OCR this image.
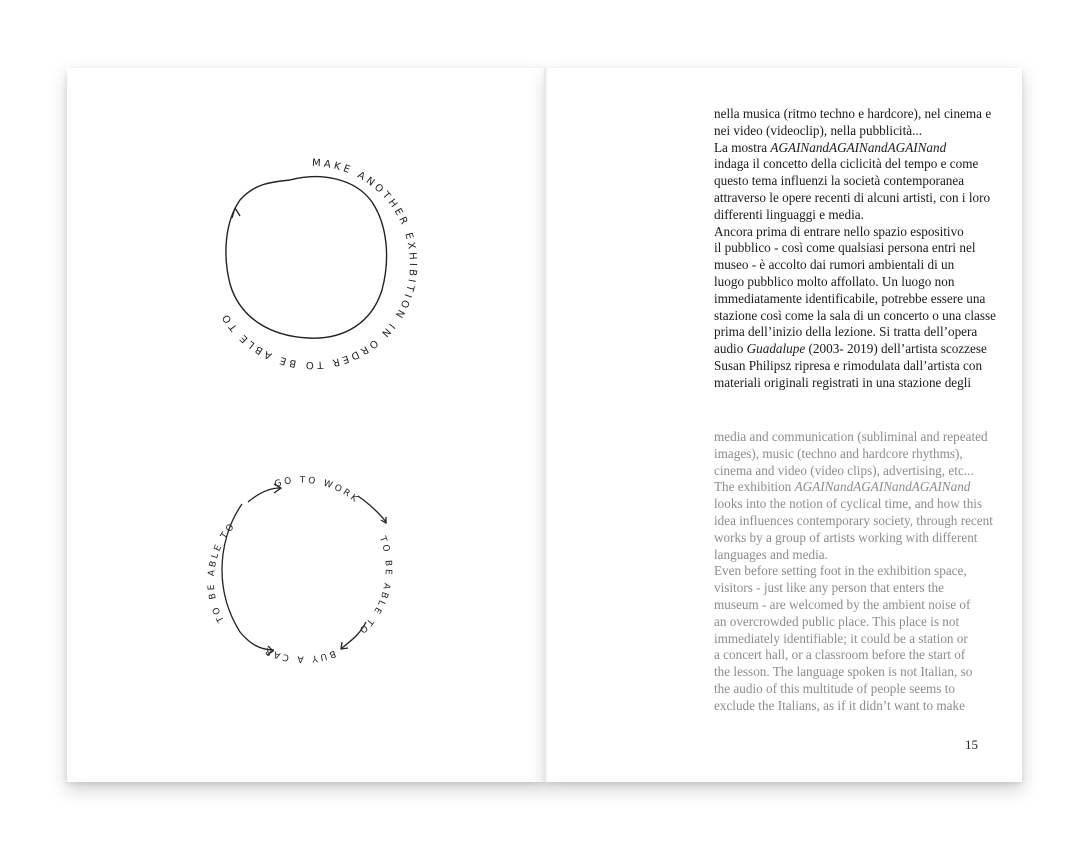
MAKE ANOTHER EXHIBITION IN ORDER TO BE ABLE TO
GO TO WORK
TO BE ABLE TO
BUY A CAR
TO BE ABLE TO

nella musica (ritmo techno e hardcore), nel cinema e

nei video (videoclip), nella pubblicità...

La mostra AGAINandAGAINandAGAINand

indaga il concetto della ciclicità del tempo e come

questo tema influenzi la società contemporanea

attraverso le opere recenti di alcuni artisti, con i loro

differenti linguaggi e media.

Ancora prima di entrare nello spazio espositivo

il pubblico - così come qualsiasi persona entri nel

museo - è accolto dai rumori ambientali di un

luogo pubblico molto affollato. Un luogo non

immediatamente identificabile, potrebbe essere una

stazione così come la sala di un concerto o una classe

prima dell’inizio della lezione. Si tratta dell’opera

audio Guadalupe (2003- 2019) dell’artista scozzese

Susan Philipsz ripresa e rimodulata dall’artista con

materiali originali registrati in una stazione degli

media and communication (subliminal and repeated

images), music (techno and hardcore rhythms),

cinema and video (video clips), advertising, etc...

The exhibition AGAINandAGAINandAGAINand

looks into the notion of cyclical time, and how this

idea influences contemporary society, through recent

works by a group of artists working with different

languages and media.

Even before setting foot in the exhibition space,

visitors - just like any person that enters the

museum - are welcomed by the ambient noise of

an overcrowded public place. This place is not

immediately identifiable; it could be a station or

a concert hall, or a classroom before the start of

the lesson. The language spoken is not Italian, so

the audio of this multitude of people seems to

exclude the Italians, as if it didn’t want to make

15
